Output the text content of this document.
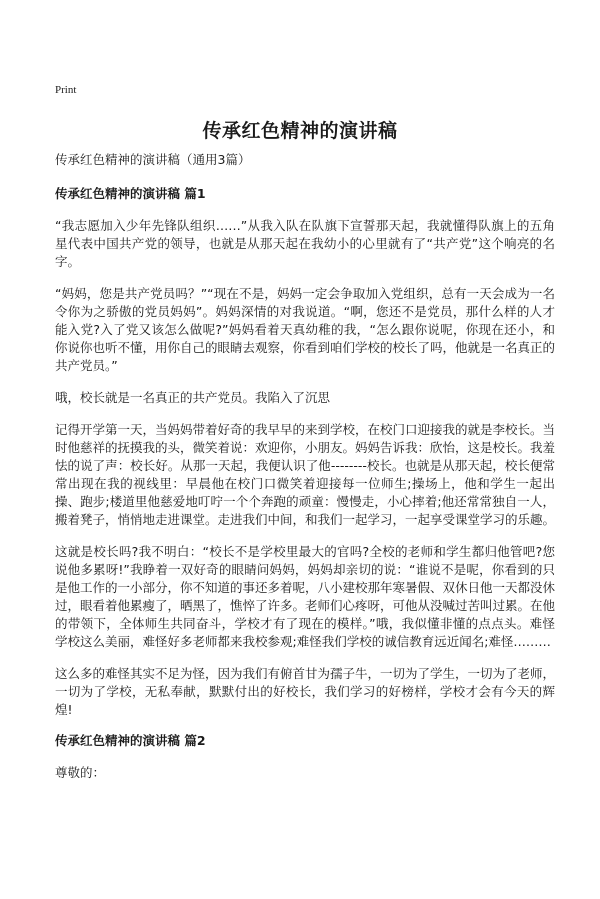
Print
传承红色精神的演讲稿

传承红色精神的演讲稿（通用3篇）

传承红色精神的演讲稿 篇1

“我志愿加入少年先锋队组织……”从我入队在队旗下宣誓那天起，我就懂得队旗上的五角星代表中国共产党的领导，也就是从那天起在我幼小的心里就有了“共产党”这个响亮的名字。

“妈妈，您是共产党员吗？”“现在不是，妈妈一定会争取加入党组织，总有一天会成为一名令你为之骄傲的党员妈妈”。妈妈深情的对我说道。“啊，您还不是党员，那什么样的人才能入党?入了党又该怎么做呢?”妈妈看着天真幼稚的我，“怎么跟你说呢，你现在还小，和你说你也听不懂，用你自己的眼睛去观察，你看到咱们学校的校长了吗，他就是一名真正的共产党员。”

哦，校长就是一名真正的共产党员。我陷入了沉思

记得开学第一天，当妈妈带着好奇的我早早的来到学校，在校门口迎接我的就是李校长。当时他慈祥的抚摸我的头，微笑着说：欢迎你，小朋友。妈妈告诉我：欣怡，这是校长。我羞怯的说了声：校长好。从那一天起，我便认识了他--------校长。也就是从那天起，校长便常常出现在我的视线里：早晨他在校门口微笑着迎接每一位师生;操场上，他和学生一起出操、跑步;楼道里他慈爱地叮咛一个个奔跑的顽童：慢慢走，小心摔着;他还常常独自一人，搬着凳子，悄悄地走进课堂。走进我们中间，和我们一起学习，一起享受课堂学习的乐趣。

这就是校长吗?我不明白：“校长不是学校里最大的官吗?全校的老师和学生都归他管吧?您说他多累呀!”我睁着一双好奇的眼睛问妈妈，妈妈却亲切的说：“谁说不是呢，你看到的只是他工作的一小部分，你不知道的事还多着呢，八小建校那年寒暑假、双休日他一天都没休过，眼看着他累瘦了，晒黑了，憔悴了许多。老师们心疼呀，可他从没喊过苦叫过累。在他的带领下，全体师生共同奋斗，学校才有了现在的模样。”哦，我似懂非懂的点点头。难怪学校这么美丽，难怪好多老师都来我校参观;难怪我们学校的诚信教育远近闻名;难怪………

这么多的难怪其实不足为怪，因为我们有俯首甘为孺子牛，一切为了学生，一切为了老师，一切为了学校，无私奉献，默默付出的好校长，我们学习的好榜样，学校才会有今天的辉煌!

传承红色精神的演讲稿 篇2

尊敬的：
